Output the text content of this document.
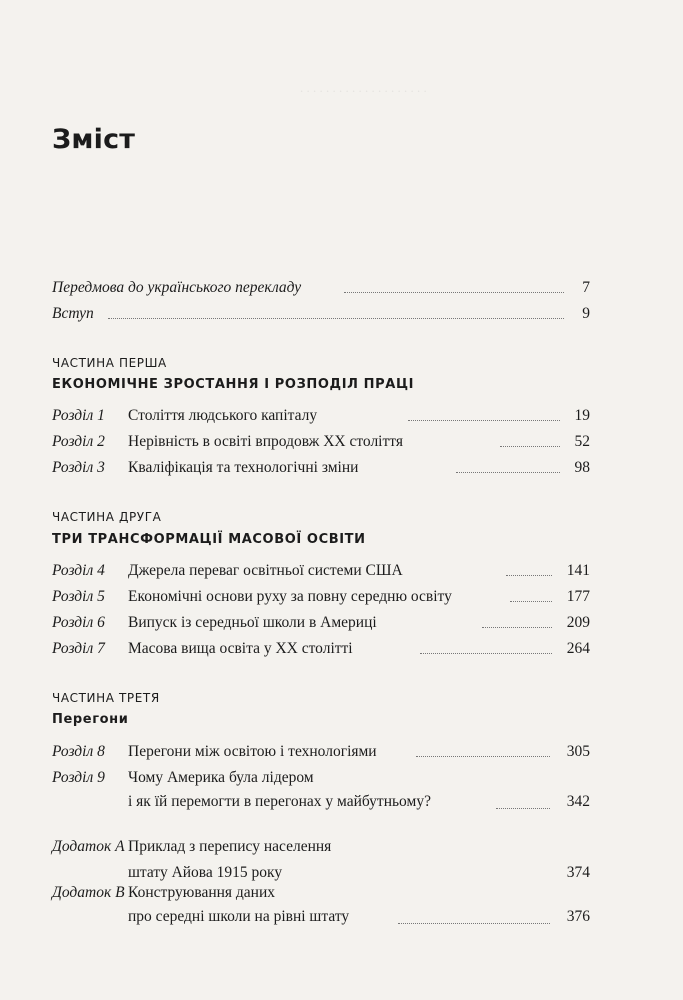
. . . . . . . . . . . . . . . . . . . .
Зміст
Передмова до українського перекладу	7
Вступ	9
ЧАСТИНА ПЕРША
ЕКОНОМІЧНЕ ЗРОСТАННЯ І РОЗПОДІЛ ПРАЦІ
Розділ 1 Століття людського капіталу	19
Розділ 2 Нерівність в освіті впродовж XX століття	52
Розділ 3 Кваліфікація та технологічні зміни	98
ЧАСТИНА ДРУГА
ТРИ ТРАНСФОРМАЦІЇ МАСОВОЇ ОСВІТИ
Розділ 4 Джерела переваг освітньої системи США	141
Розділ 5 Економічні основи руху за повну середню освіту	177
Розділ 6 Випуск із середньої школи в Америці	209
Розділ 7 Масова вища освіта у XX столітті	264
ЧАСТИНА ТРЕТЯ
Перегони
Розділ 8 Перегони між освітою і технологіями	305
Розділ 9 Чому Америка була лідером
і як їй перемогти в перегонах у майбутньому?	342
Додаток А Приклад з перепису населення
штату Айова 1915 року	374
Додаток В Конструювання даних
про середні школи на рівні штату	376
